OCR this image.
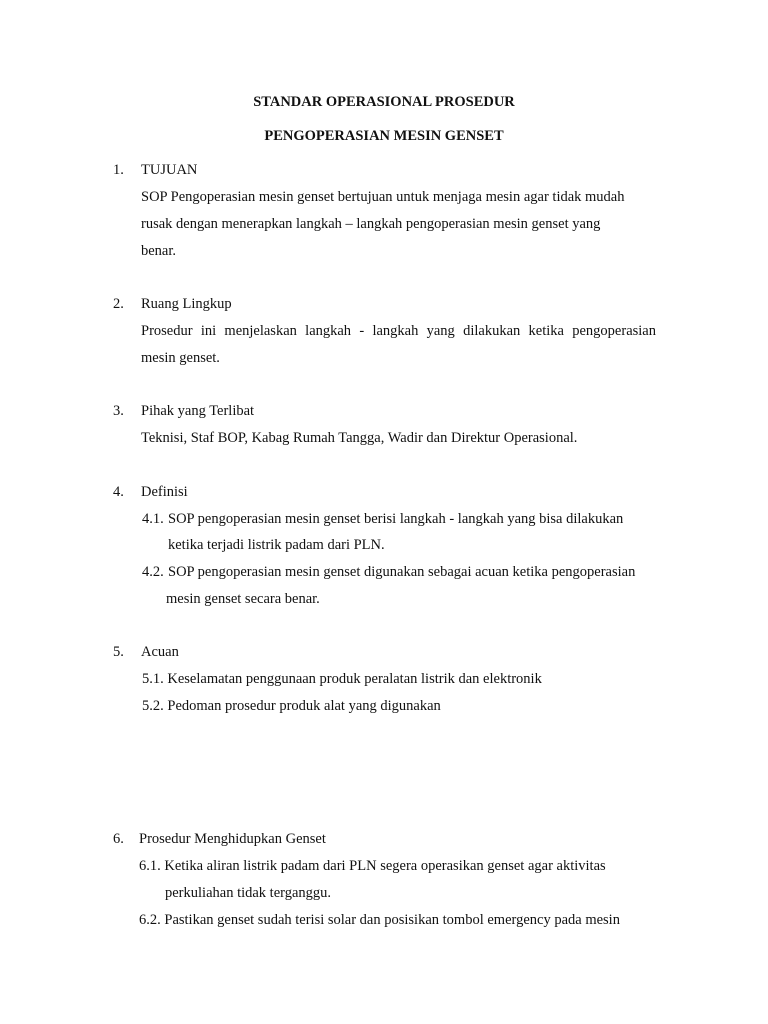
STANDAR OPERASIONAL PROSEDUR
PENGOPERASIAN MESIN GENSET
1. TUJUAN
SOP Pengoperasian mesin genset bertujuan untuk menjaga mesin agar tidak mudah
rusak dengan menerapkan langkah – langkah pengoperasian mesin genset yang
benar.
2. Ruang Lingkup
Prosedur ini menjelaskan langkah - langkah yang dilakukan ketika pengoperasian
mesin genset.
3. Pihak yang Terlibat
Teknisi, Staf BOP, Kabag Rumah Tangga, Wadir dan Direktur Operasional.
4. Definisi
4.1. SOP pengoperasian mesin genset berisi langkah - langkah yang bisa dilakukan
ketika terjadi listrik padam dari PLN.
4.2. SOP pengoperasian mesin genset digunakan sebagai acuan ketika pengoperasian
mesin genset secara benar.
5. Acuan
5.1. Keselamatan penggunaan produk peralatan listrik dan elektronik
5.2. Pedoman prosedur produk alat yang digunakan
6. Prosedur Menghidupkan Genset
6.1. Ketika aliran listrik padam dari PLN segera operasikan genset agar aktivitas
perkuliahan tidak terganggu.
6.2. Pastikan genset sudah terisi solar dan posisikan tombol emergency pada mesin
